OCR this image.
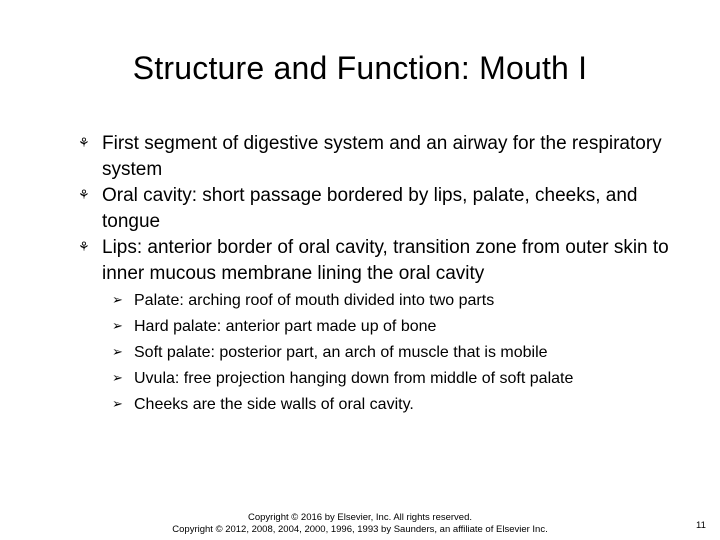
Structure and Function: Mouth I
⚘ First segment of digestive system and an airway for the respiratory system
⚘ Oral cavity: short passage bordered by lips, palate, cheeks, and tongue
⚘ Lips: anterior border of oral cavity, transition zone from outer skin to inner mucous membrane lining the oral cavity
➢ Palate: arching roof of mouth divided into two parts
➢ Hard palate: anterior part made up of bone
➢ Soft palate: posterior part, an arch of muscle that is mobile
➢ Uvula: free projection hanging down from middle of soft palate
➢ Cheeks are the side walls of oral cavity.
Copyright © 2016 by Elsevier, Inc. All rights reserved.
Copyright © 2012, 2008, 2004, 2000, 1996, 1993 by Saunders, an affiliate of Elsevier Inc.	11
